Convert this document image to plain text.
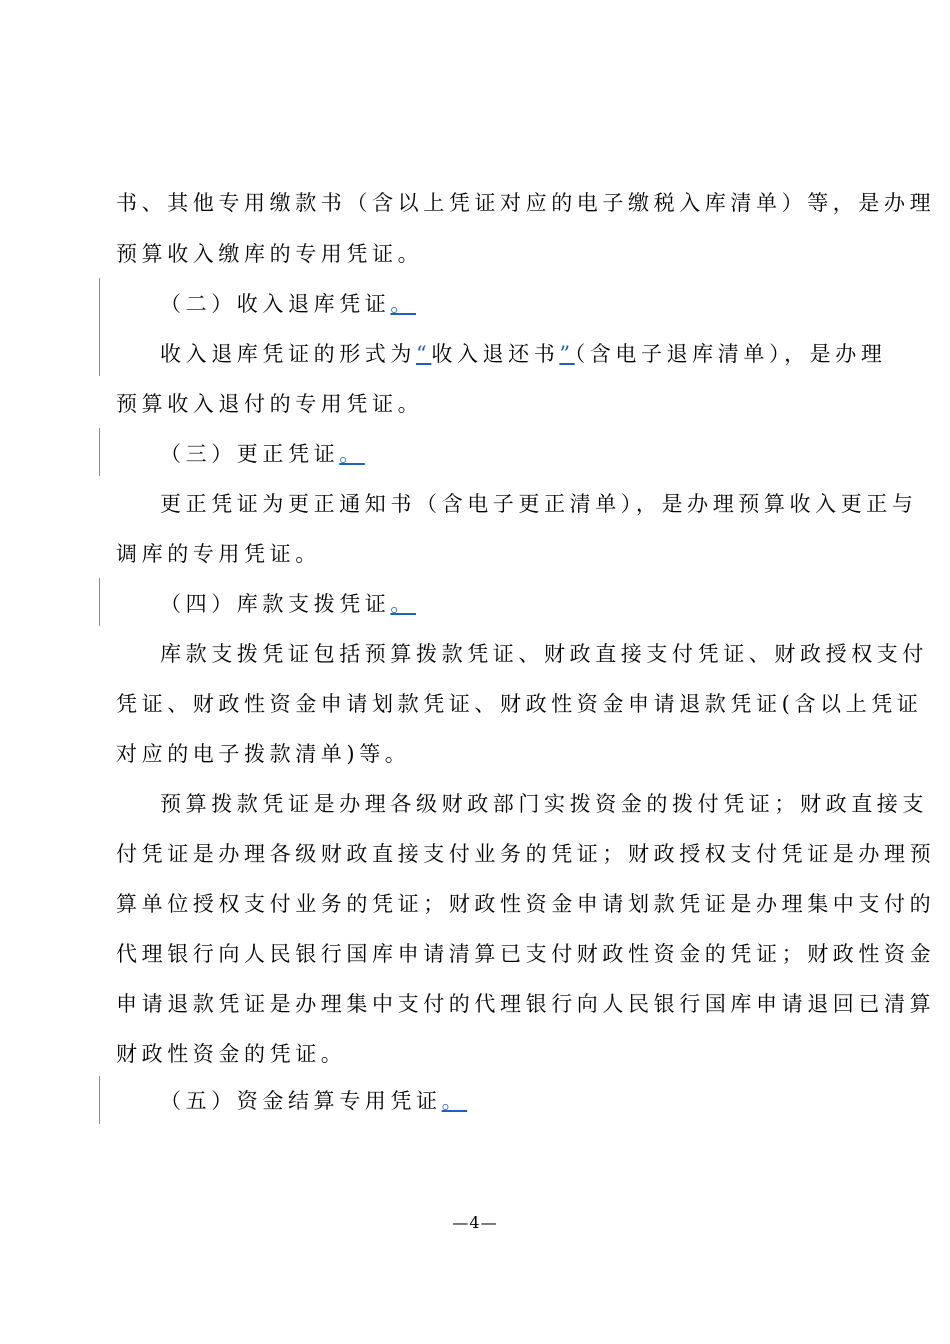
书、其他专用缴款书（含以上凭证对应的电子缴税入库清单）等，是办理
预算收入缴库的专用凭证。
（二）收入退库凭证。
收入退库凭证的形式为“收入退还书”（含电子退库清单），是办理
预算收入退付的专用凭证。
（三）更正凭证。
更正凭证为更正通知书（含电子更正清单），是办理预算收入更正与
调库的专用凭证。
（四）库款支拨凭证。
库款支拨凭证包括预算拨款凭证、财政直接支付凭证、财政授权支付
凭证、财政性资金申请划款凭证、财政性资金申请退款凭证(含以上凭证
对应的电子拨款清单)等。
预算拨款凭证是办理各级财政部门实拨资金的拨付凭证；财政直接支
付凭证是办理各级财政直接支付业务的凭证；财政授权支付凭证是办理预
算单位授权支付业务的凭证；财政性资金申请划款凭证是办理集中支付的
代理银行向人民银行国库申请清算已支付财政性资金的凭证；财政性资金
申请退款凭证是办理集中支付的代理银行向人民银行国库申请退回已清算
财政性资金的凭证。
（五）资金结算专用凭证。
—4—
